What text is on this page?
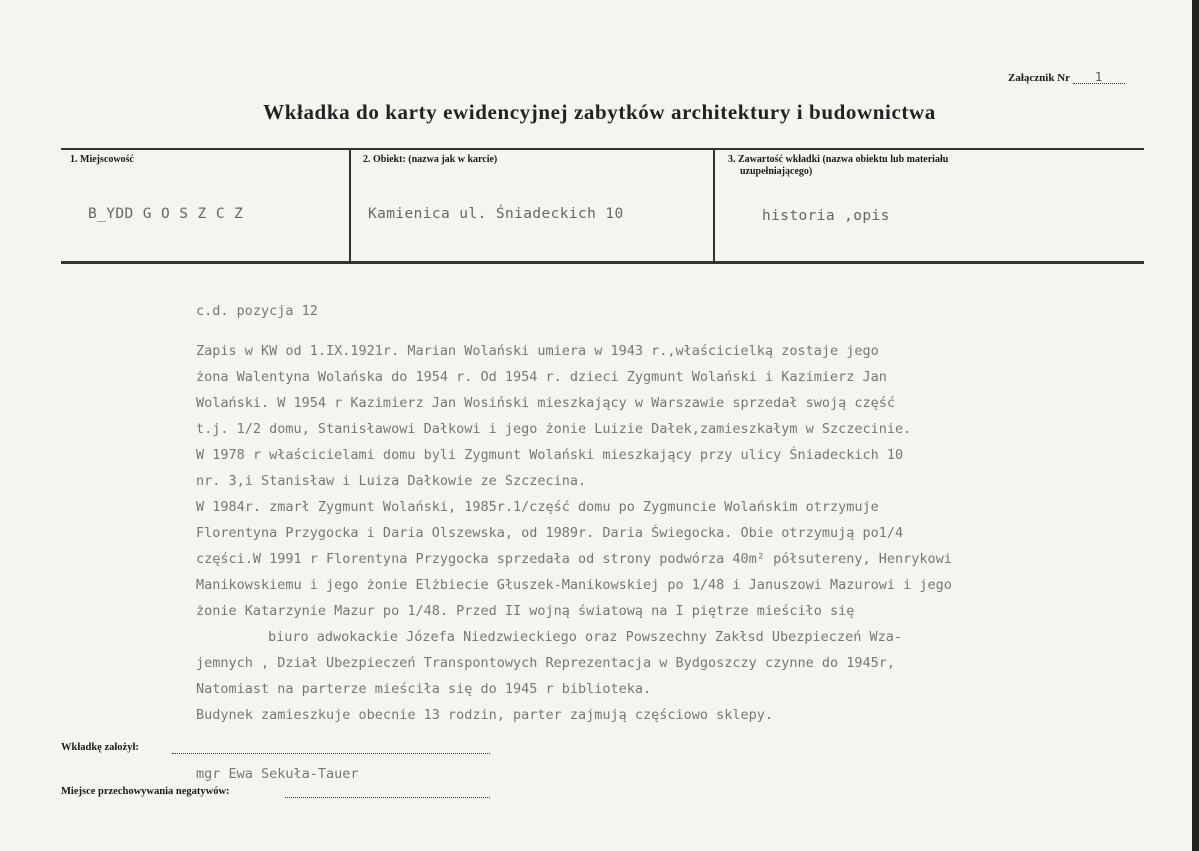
Załącznik Nr 1
Wkładka do karty ewidencyjnej zabytków architektury i budownictwa
1. Miejscowość	2. Obiekt: (nazwa jak w karcie)	3. Zawartość wkładki (nazwa obiektu lub materiału
uzupełniającego)
B_YDD G O S Z C Z	Kamienica ul. Śniadeckich 10	historia ,opis
c.d. pozycja 12
Zapis w KW od 1.IX.1921r. Marian Wolański umiera w 1943 r.,właścicielką zostaje jego
żona Walentyna Wolańska do 1954 r. Od 1954 r. dzieci Zygmunt Wolański i Kazimierz Jan
Wolański. W 1954 r Kazimierz Jan Wosiński mieszkający w Warszawie sprzedał swoją część
t.j. 1/2 domu, Stanisławowi Dałkowi i jego żonie Luizie Dałek,zamieszkałym w Szczecinie.
W 1978 r właścicielami domu byli Zygmunt Wolański mieszkający przy ulicy Śniadeckich 10
nr. 3,i Stanisław i Luiza Dałkowie ze Szczecina.
W 1984r. zmarł Zygmunt Wolański, 1985r.1/część domu po Zygmuncie Wolańskim otrzymuje
Florentyna Przygocka i Daria Olszewska, od 1989r. Daria Świegocka. Obie otrzymują po1/4
części.W 1991 r Florentyna Przygocka sprzedała od strony podwórza 40m² półsutereny, Henrykowi
Manikowskiemu i jego żonie Elżbiecie Głuszek-Manikowskiej po 1/48 i Januszowi Mazurowi i jego
żonie Katarzynie Mazur po 1/48. Przed II wojną światową na I piętrze mieściło się
biuro adwokackie Józefa Niedzwieckiego oraz Powszechny Zakłsd Ubezpieczeń Wza-
jemnych , Dział Ubezpieczeń Transpontowych Reprezentacja w Bydgoszczy czynne do 1945r,
Natomiast na parterze mieściła się do 1945 r biblioteka.
Budynek zamieszkuje obecnie 13 rodzin, parter zajmują częściowo sklepy.
Wkładkę założył:
mgr Ewa Sekuła-Tauer
Miejsce przechowywania negatywów:
